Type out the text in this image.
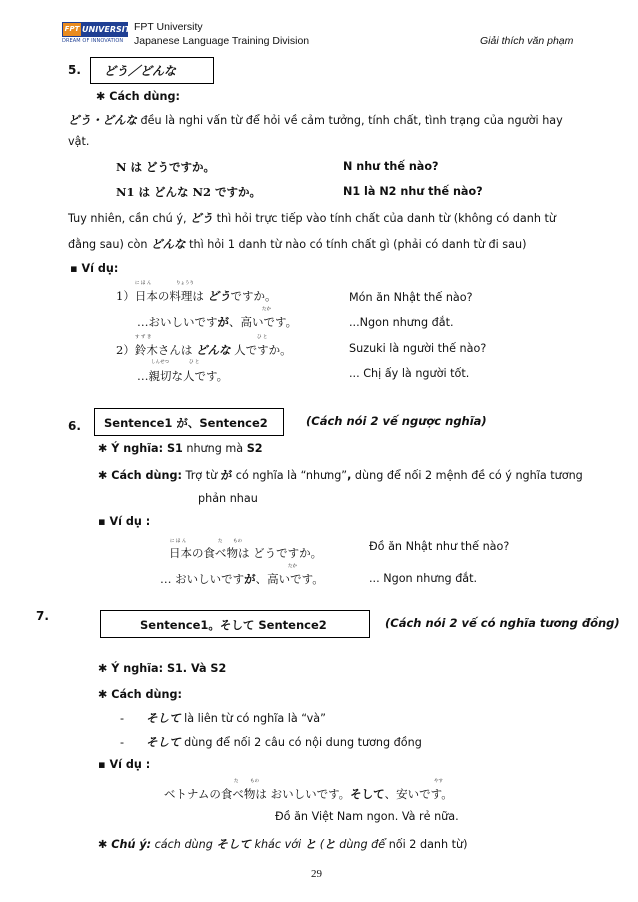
UNIVERSITY
FPT
DREAM OF INNOVATION
FPT University
Japanese Language Training Division	Giải thích văn phạm
5. どう／どんな
✱ Cách dùng:
どう・どんな đều là nghi vấn từ để hỏi về cảm tưởng, tính chất, tình trạng của người hay
vật.
N は どうですか。	N như thế nào?
N1 は どんな N2 ですか。	N1 là N2 như thế nào?
Tuy nhiên, cần chú ý, どう thì hỏi trực tiếp vào tính chất của danh từ (không có danh từ
đằng sau) còn どんな thì hỏi 1 danh từ nào có tính chất gì (phải có danh từ đi sau)
▪ Ví dụ:
に ほ ん	りょうり
1）日本の料理は どうですか。	Món ăn Nhật thế nào?
たか
…おいしいですが、高いです。	...Ngon nhưng đắt.
す ず き	ひ と
2）鈴木さんは どんな 人ですか。	Suzuki là người thế nào?
しんせつ	ひ と
…親切な人です。	... Chị ấy là người tốt.
6. Sentence1 が、Sentence2	(Cách nói 2 vế ngược nghĩa)
✱ Ý nghĩa: S1 nhưng mà S2
✱ Cách dùng: Trợ từ が có nghĩa là “nhưng”, dùng để nối 2 mệnh đề có ý nghĩa tương
phản nhau
▪ Ví dụ :
に ほ ん	た もの
日本の食べ物は どうですか。	Đồ ăn Nhật như thế nào?
たか
… おいしいですが、高いです。	... Ngon nhưng đắt.
7.
Sentence1。そして Sentence2	(Cách nói 2 vế có nghĩa tương đồng)
✱ Ý nghĩa: S1. Và S2
✱ Cách dùng:
- そして là liên từ có nghĩa là “và”
- そして dùng để nối 2 câu có nội dung tương đồng
▪ Ví dụ :
た	もの	やす
ベトナムの食べ物は おいしいです。そして、安いです。
Đồ ăn Việt Nam ngon. Và rẻ nữa.
✱ Chú ý: cách dùng そして khác với と (と dùng để nối 2 danh từ)
29
